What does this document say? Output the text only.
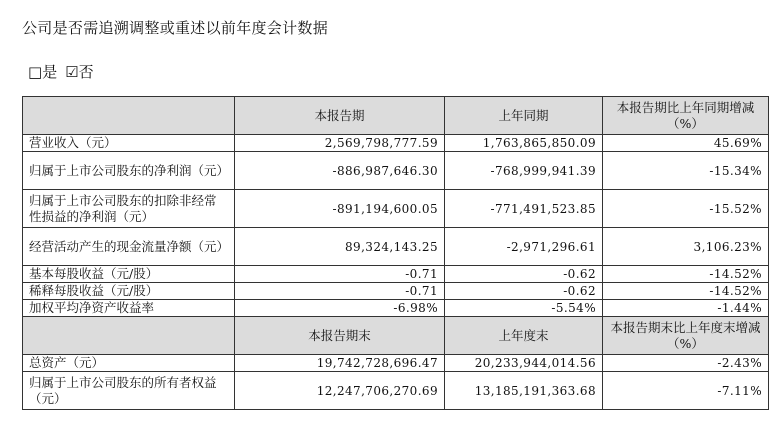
公司是否需追溯调整或重述以前年度会计数据
□ 是 ☑ 否
	本报告期	上年同期	本报告期比上年同期增减（%）
营业收入（元）	2,569,798,777.59	1,763,865,850.09	45.69%
归属于上市公司股东的净利润（元）	-886,987,646.30	-768,999,941.39	-15.34%
归属于上市公司股东的扣除非经常性损益的净利润（元）	-891,194,600.05	-771,491,523.85	-15.52%
经营活动产生的现金流量净额（元）	89,324,143.25	-2,971,296.61	3,106.23%
基本每股收益（元/股）	-0.71	-0.62	-14.52%
稀释每股收益（元/股）	-0.71	-0.62	-14.52%
加权平均净资产收益率	-6.98%	-5.54%	-1.44%
	本报告期末	上年度末	本报告期末比上年度末增减（%）
总资产（元）	19,742,728,696.47	20,233,944,014.56	-2.43%
归属于上市公司股东的所有者权益（元）	12,247,706,270.69	13,185,191,363.68	-7.11%
